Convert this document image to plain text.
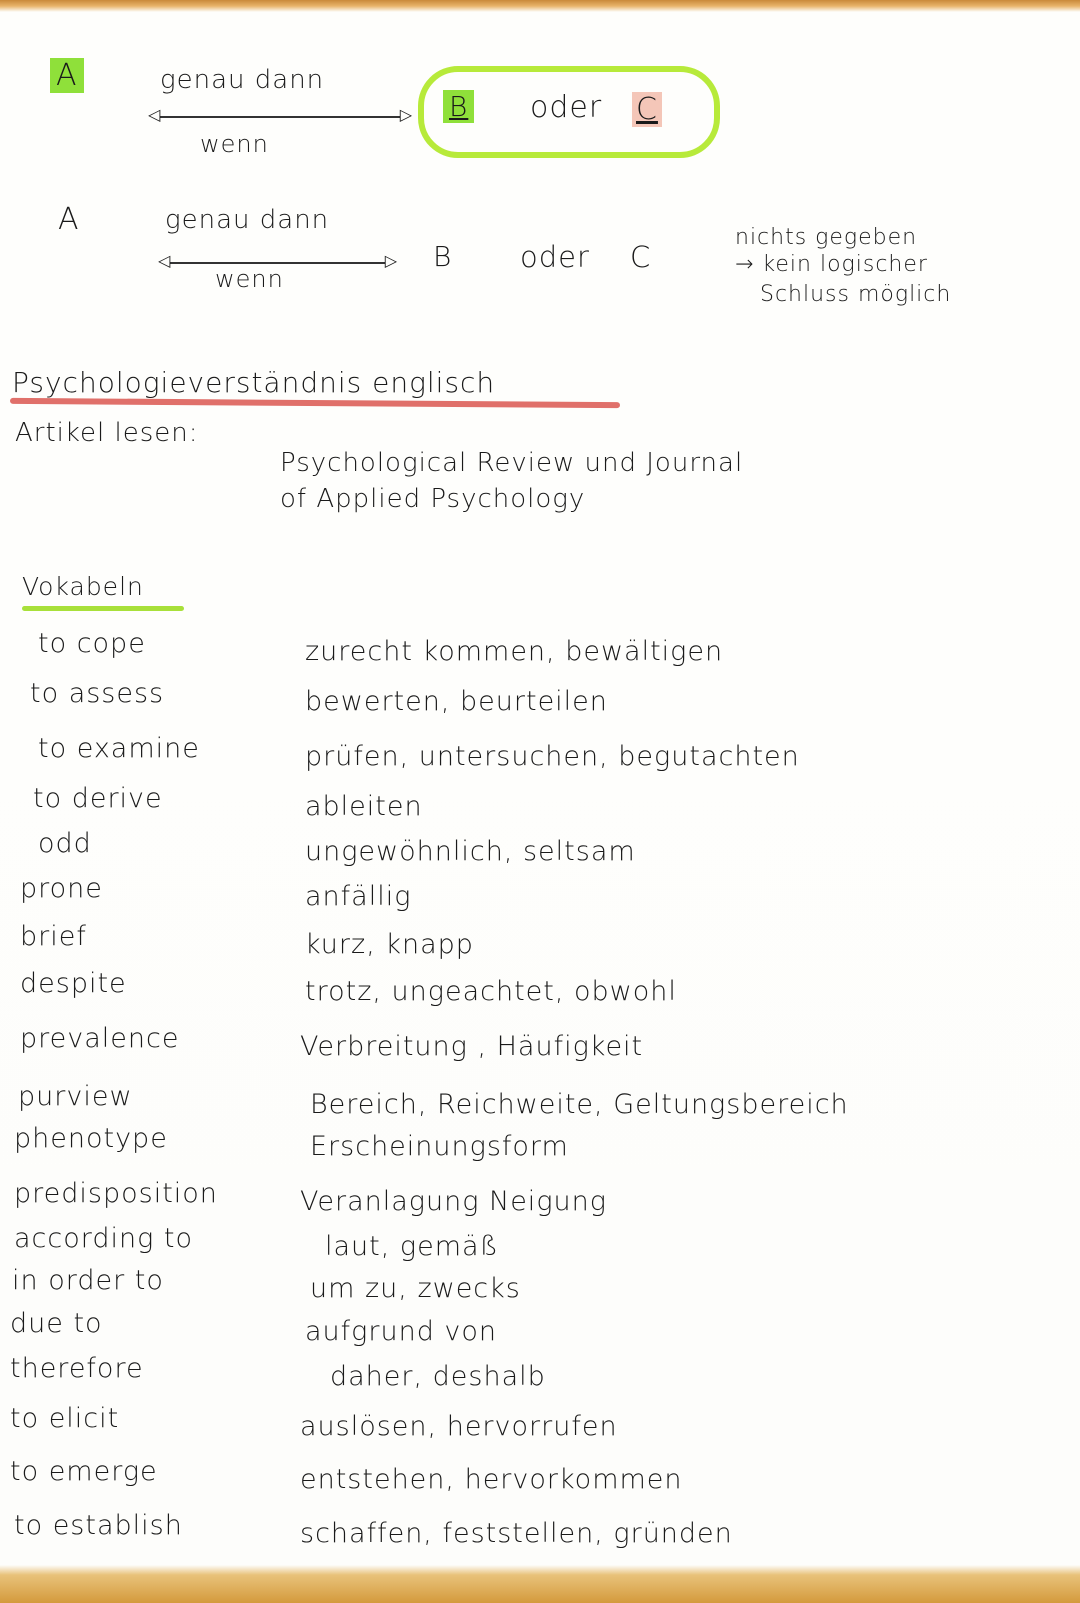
A	genau dann
◁ ▷
wenn
B oder C
A	genau dann
◁ ▷
wenn
B oder C
nichts gegeben
→ kein logischer
Schluss möglich
Psychologieverständnis englisch
Artikel lesen:
Psychological Review und Journal
of Applied Psychology
Vokabeln
to cope	zurecht kommen, bewältigen
to assess	bewerten, beurteilen
to examine	prüfen, untersuchen, begutachten
to derive	ableiten
odd	ungewöhnlich, seltsam
prone	anfällig
brief	kurz, knapp
despite	trotz, ungeachtet, obwohl
prevalence	Verbreitung , Häufigkeit
purview	Bereich, Reichweite, Geltungsbereich
phenotype	Erscheinungsform
predisposition	Veranlagung Neigung
according to	laut, gemäß
in order to	um zu, zwecks
due to	aufgrund von
therefore	daher, deshalb
to elicit	auslösen, hervorrufen
to emerge	entstehen, hervorkommen
to establish	schaffen, feststellen, gründen
